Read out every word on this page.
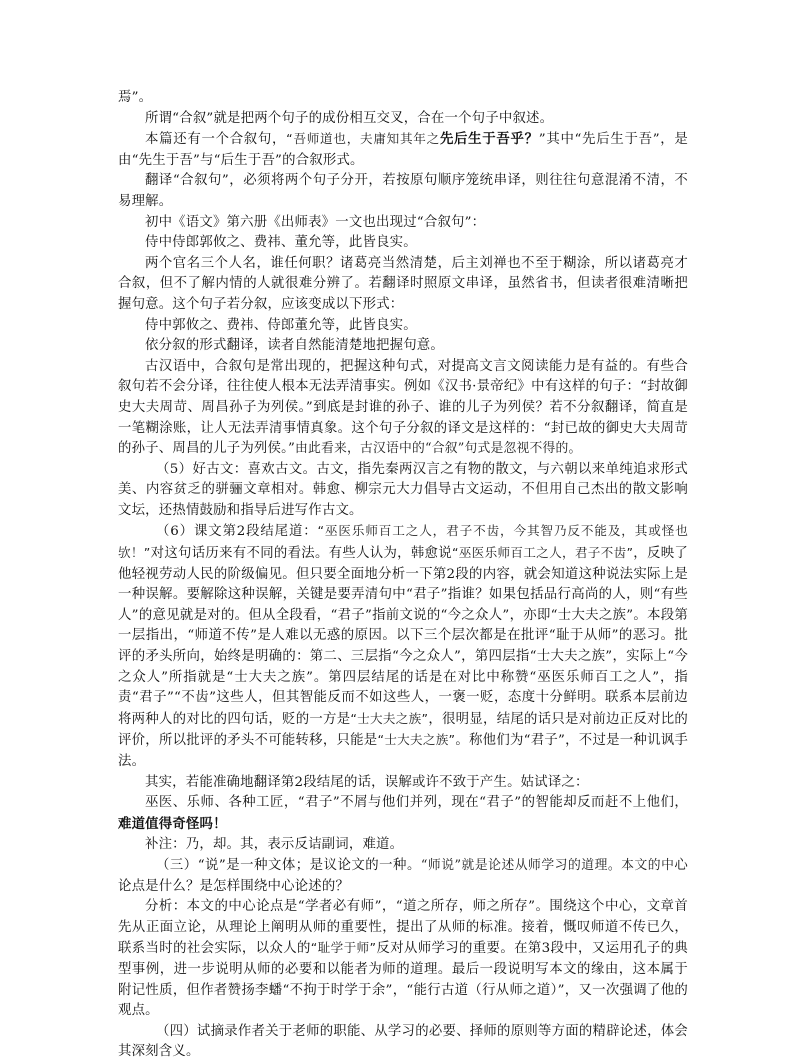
焉”。

所谓“合叙”就是把两个句子的成份相互交叉，合在一个句子中叙述。

本篇还有一个合叙句，“吾师道也，夫庸知其年之先后生于吾乎？”其中“先后生于吾”，是由“先生于吾”与“后生于吾”的合叙形式。

翻译“合叙句”，必须将两个句子分开，若按原句顺序笼统串译，则往往句意混淆不清，不易理解。

初中《语文》第六册《出师表》一文也出现过“合叙句”：

侍中侍郎郭攸之、费祎、董允等，此皆良实。

两个官名三个人名，谁任何职？诸葛亮当然清楚，后主刘禅也不至于糊涂，所以诸葛亮才合叙，但不了解内情的人就很难分辨了。若翻译时照原文串译，虽然省书，但读者很难清晰把握句意。这个句子若分叙，应该变成以下形式：

侍中郭攸之、费祎、侍郎董允等，此皆良实。

依分叙的形式翻译，读者自然能清楚地把握句意。

古汉语中，合叙句是常出现的，把握这种句式，对提高文言文阅读能力是有益的。有些合叙句若不会分译，往往使人根本无法弄清事实。例如《汉书·景帝纪》中有这样的句子：“封故御史大夫周苛、周昌孙子为列侯。”到底是封谁的孙子、谁的儿子为列侯？若不分叙翻译，简直是一笔糊涂账，让人无法弄清事情真象。这个句子分叙的译文是这样的：“封已故的御史大夫周苛的孙子、周昌的儿子为列侯。”由此看来，古汉语中的“合叙”句式是忽视不得的。

（5）好古文：喜欢古文。古文，指先秦两汉言之有物的散文，与六朝以来单纯追求形式美、内容贫乏的骈骊文章相对。韩愈、柳宗元大力倡导古文运动，不但用自己杰出的散文影响文坛，还热情鼓励和指导后进写作古文。

（6）课文第2段结尾道：“巫医乐师百工之人，君子不齿，今其智乃反不能及，其或怪也欤！”对这句话历来有不同的看法。有些人认为，韩愈说“巫医乐师百工之人，君子不齿”，反映了他轻视劳动人民的阶级偏见。但只要全面地分析一下第2段的内容，就会知道这种说法实际上是一种误解。要解除这种误解，关键是要弄清句中“君子”指谁？如果包括品行高尚的人，则“有些人”的意见就是对的。但从全段看，“君子”指前文说的“今之众人”，亦即“士大夫之族”。本段第一层指出，“师道不传”是人难以无惑的原因。以下三个层次都是在批评“耻于从师”的恶习。批评的矛头所向，始终是明确的：第二、三层指“今之众人”，第四层指“士大夫之族”，实际上“今之众人”所指就是“士大夫之族”。第四层结尾的话是在对比中称赞“巫医乐师百工之人”，指责“君子”“不齿”这些人，但其智能反而不如这些人，一褒一贬，态度十分鲜明。联系本层前边将两种人的对比的四句话，贬的一方是“士大夫之族”，很明显，结尾的话只是对前边正反对比的评价，所以批评的矛头不可能转移，只能是“士大夫之族”。称他们为“君子”，不过是一种讥讽手法。

其实，若能准确地翻译第2段结尾的话，误解或许不致于产生。姑试译之：

巫医、乐师、各种工匠，“君子”不屑与他们并列，现在“君子”的智能却反而赶不上他们，难道值得奇怪吗！

补注：乃，却。其，表示反诘副词，难道。

（三）“说”是一种文体；是议论文的一种。“师说”就是论述从师学习的道理。本文的中心论点是什么？是怎样围绕中心论述的？

分析：本文的中心论点是“学者必有师”，“道之所存，师之所存”。围绕这个中心，文章首先从正面立论，从理论上阐明从师的重要性，提出了从师的标准。接着，慨叹师道不传已久，联系当时的社会实际，以众人的“耻学于师”反对从师学习的重要。在第3段中，又运用孔子的典型事例，进一步说明从师的必要和以能者为师的道理。最后一段说明写本文的缘由，这本属于附记性质，但作者赞扬李蟠“不拘于时学于余”，“能行古道（行从师之道）”，又一次强调了他的观点。

（四）试摘录作者关于老师的职能、从学习的必要、择师的原则等方面的精辟论述，体会其深刻含义。
